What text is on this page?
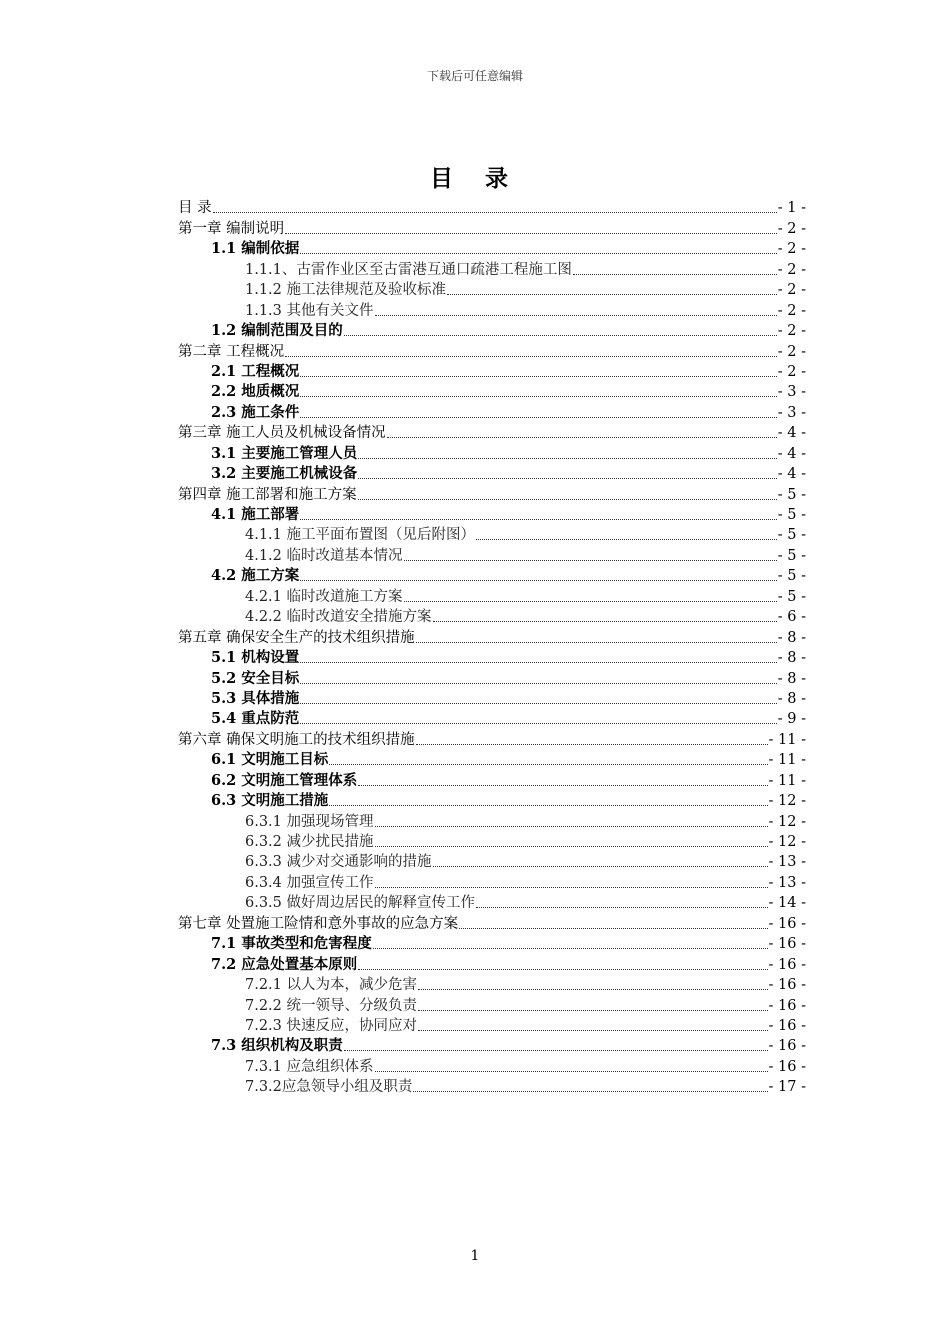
下载后可任意编辑
目 录
目 录	- 1 -
第一章 编制说明	- 2 -
1.1 编制依据	- 2 -
1.1.1、古雷作业区至古雷港互通口疏港工程施工图	- 2 -
1.1.2 施工法律规范及验收标准	- 2 -
1.1.3 其他有关文件	- 2 -
1.2 编制范围及目的	- 2 -
第二章 工程概况	- 2 -
2.1 工程概况	- 2 -
2.2 地质概况	- 3 -
2.3 施工条件	- 3 -
第三章 施工人员及机械设备情况	- 4 -
3.1 主要施工管理人员	- 4 -
3.2 主要施工机械设备	- 4 -
第四章 施工部署和施工方案	- 5 -
4.1 施工部署	- 5 -
4.1.1 施工平面布置图（见后附图）	- 5 -
4.1.2 临时改道基本情况	- 5 -
4.2 施工方案	- 5 -
4.2.1 临时改道施工方案	- 5 -
4.2.2 临时改道安全措施方案	- 6 -
第五章 确保安全生产的技术组织措施	- 8 -
5.1 机构设置	- 8 -
5.2 安全目标	- 8 -
5.3 具体措施	- 8 -
5.4 重点防范	- 9 -
第六章 确保文明施工的技术组织措施	- 11 -
6.1 文明施工目标	- 11 -
6.2 文明施工管理体系	- 11 -
6.3 文明施工措施	- 12 -
6.3.1 加强现场管理	- 12 -
6.3.2 减少扰民措施	- 12 -
6.3.3 减少对交通影响的措施	- 13 -
6.3.4 加强宣传工作	- 13 -
6.3.5 做好周边居民的解释宣传工作	- 14 -
第七章 处置施工险情和意外事故的应急方案	- 16 -
7.1 事故类型和危害程度	- 16 -
7.2 应急处置基本原则	- 16 -
7.2.1 以人为本，减少危害	- 16 -
7.2.2 统一领导、分级负责	- 16 -
7.2.3 快速反应，协同应对	- 16 -
7.3 组织机构及职责	- 16 -
7.3.1 应急组织体系	- 16 -
7.3.2应急领导小组及职责	- 17 -
1
